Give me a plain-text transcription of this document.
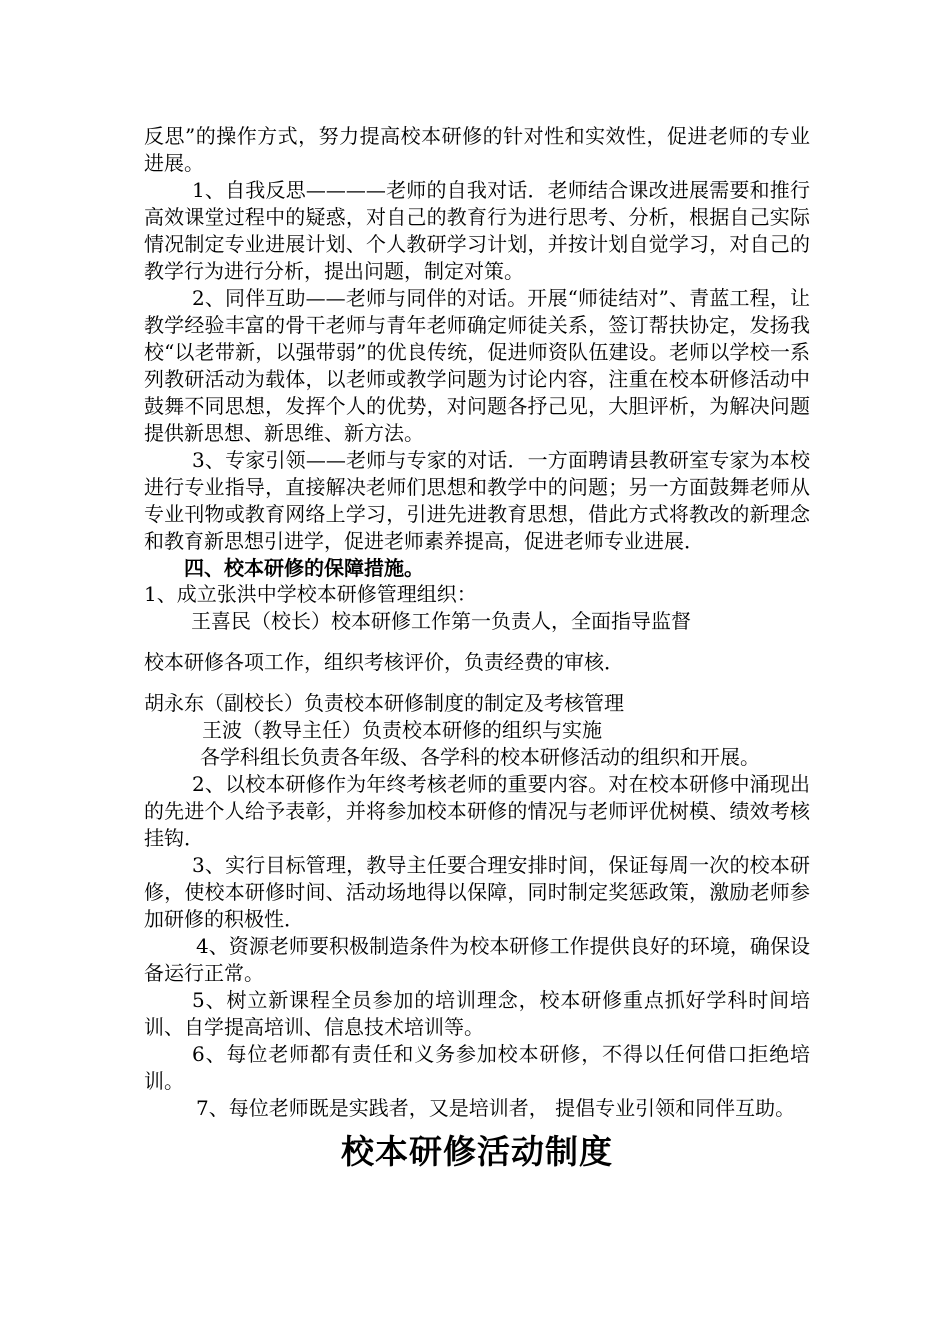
反思”的操作方式，努力提高校本研修的针对性和实效性，促进老师的专业进展。

1、自我反思————老师的自我对话．老师结合课改进展需要和推行高效课堂过程中的疑惑，对自己的教育行为进行思考、分析，根据自己实际情况制定专业进展计划、个人教研学习计划，并按计划自觉学习，对自己的教学行为进行分析，提出问题，制定对策。

2、同伴互助——老师与同伴的对话。开展“师徒结对”、青蓝工程，让教学经验丰富的骨干老师与青年老师确定师徒关系，签订帮扶协定，发扬我校“以老带新，以强带弱”的优良传统，促进师资队伍建设。老师以学校一系列教研活动为载体，以老师或教学问题为讨论内容，注重在校本研修活动中鼓舞不同思想，发挥个人的优势，对问题各抒己见，大胆评析，为解决问题提供新思想、新思维、新方法。

3、专家引领——老师与专家的对话．一方面聘请县教研室专家为本校进行专业指导，直接解决老师们思想和教学中的问题；另一方面鼓舞老师从专业刊物或教育网络上学习，引进先进教育思想，借此方式将教改的新理念和教育新思想引进学，促进老师素养提高，促进老师专业进展．

四、校本研修的保障措施。

1、成立张洪中学校本研修管理组织：

王喜民（校长）校本研修工作第一负责人，全面指导监督

校本研修各项工作，组织考核评价，负责经费的审核．

胡永东（副校长）负责校本研修制度的制定及考核管理

王波（教导主任）负责校本研修的组织与实施

各学科组长负责各年级、各学科的校本研修活动的组织和开展。

2、以校本研修作为年终考核老师的重要内容。对在校本研修中涌现出的先进个人给予表彰，并将参加校本研修的情况与老师评优树模、绩效考核挂钩．

3、实行目标管理，教导主任要合理安排时间，保证每周一次的校本研修，使校本研修时间、活动场地得以保障，同时制定奖惩政策，激励老师参加研修的积极性．

4、资源老师要积极制造条件为校本研修工作提供良好的环境，确保设备运行正常。

5、树立新课程全员参加的培训理念，校本研修重点抓好学科时间培训、自学提高培训、信息技术培训等。

6、每位老师都有责任和义务参加校本研修，不得以任何借口拒绝培训。

7、每位老师既是实践者，又是培训者， 提倡专业引领和同伴互助。

校本研修活动制度
